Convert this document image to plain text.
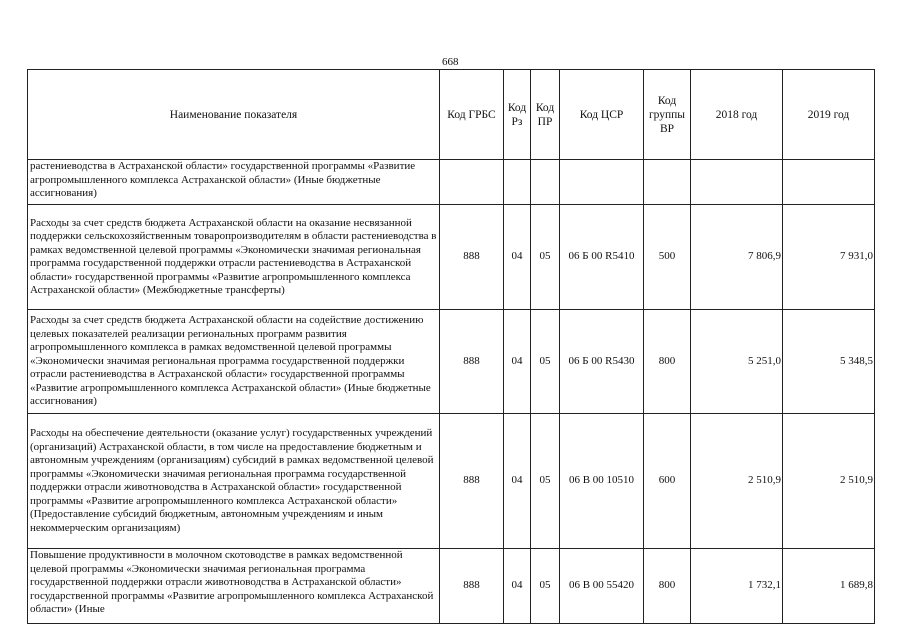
668
Наименование показателя	Код ГРБС	Код Рз	Код ПР	Код ЦСР	Код группы ВР	2018 год	2019 год
растениеводства в Астраханской области» государственной программы «Развитие агропромышленного комплекса Астраханской области» (Иные бюджетные ассигнования)							
Расходы за счет средств бюджета Астраханской области на оказание несвязанной поддержки сельскохозяйственным товаропроизводителям в области растениеводства в рамках ведомственной целевой программы «Экономически значимая региональная программа государственной поддержки отрасли растениеводства в Астраханской области» государственной программы «Развитие агропромышленного комплекса Астраханской области» (Межбюджетные трансферты)	888	04	05	06 Б 00 R5410	500	7 806,9	7 931,0
Расходы за счет средств бюджета Астраханской области на содействие достижению целевых показателей реализации региональных программ развития агропромышленного комплекса в рамках ведомственной целевой программы «Экономически значимая региональная программа государственной поддержки отрасли растениеводства в Астраханской области» государственной программы «Развитие агропромышленного комплекса Астраханской области» (Иные бюджетные ассигнования)	888	04	05	06 Б 00 R5430	800	5 251,0	5 348,5
Расходы на обеспечение деятельности (оказание услуг) государственных учреждений (организаций) Астраханской области, в том числе на предоставление бюджетным и автономным учреждениям (организациям) субсидий в рамках ведомственной целевой программы «Экономически значимая региональная программа государственной поддержки отрасли животноводства в Астраханской области» государственной программы «Развитие агропромышленного комплекса Астраханской области» (Предоставление субсидий бюджетным, автономным учреждениям и иным некоммерческим организациям)	888	04	05	06 В 00 10510	600	2 510,9	2 510,9

Повышение продуктивности в молочном скотоводстве в рамках ведомственной целевой программы «Экономически значимая региональная программа государственной поддержки отрасли животноводства в Астраханской области» государственной программы «Развитие агропромышленного комплекса Астраханской области» (Иные	888	04	05	06 В 00 55420	800	1 732,1	1 689,8
